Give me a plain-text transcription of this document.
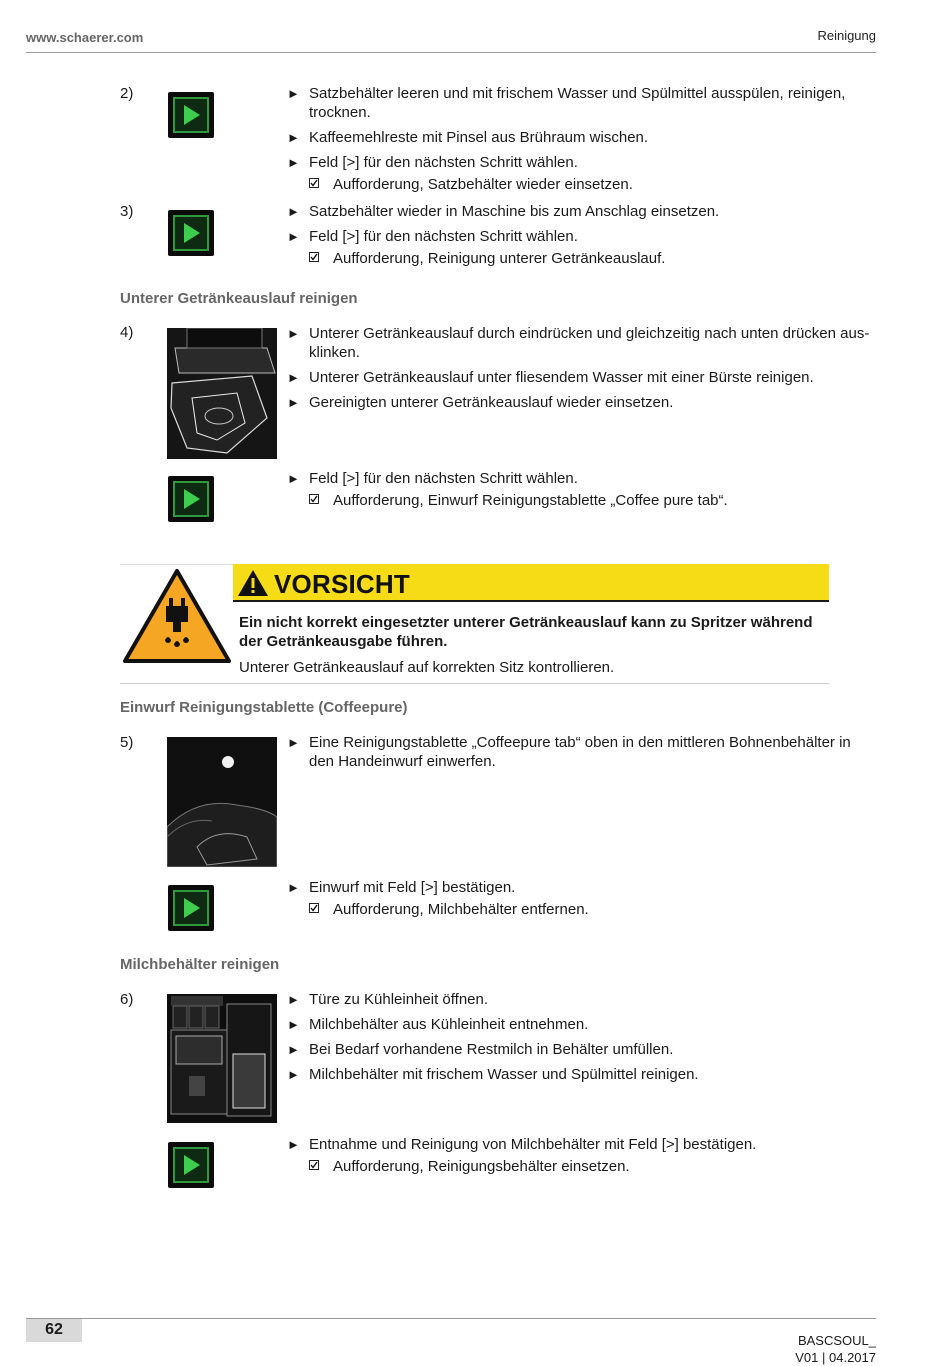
www.schaerer.com	Reinigung
2)	► Satzbehälter leeren und mit frischem Wasser und Spülmittel ausspülen, reinigen, trocknen.
► Kaffeemehlreste mit Pinsel aus Brühraum wischen.
► Feld [>] für den nächsten Schritt wählen.
Aufforderung, Satzbehälter wieder einsetzen.
3)	► Satzbehälter wieder in Maschine bis zum Anschlag einsetzen.
► Feld [>] für den nächsten Schritt wählen.
Aufforderung, Reinigung unterer Getränkeauslauf.
Unterer Getränkeauslauf reinigen
4)	► Unterer Getränkeauslauf durch eindrücken und gleichzeitig nach unten drücken aus-klinken.
► Unterer Getränkeauslauf unter fliesendem Wasser mit einer Bürste reinigen.
► Gereinigten unterer Getränkeauslauf wieder einsetzen.
► Feld [>] für den nächsten Schritt wählen.
Aufforderung, Einwurf Reinigungstablette „Coffee pure tab“.
VORSICHT
Ein nicht korrekt eingesetzter unterer Getränkeauslauf kann zu Spritzer während der Getränkeausgabe führen.
Unterer Getränkeauslauf auf korrekten Sitz kontrollieren.
Einwurf Reinigungstablette (Coffeepure)
5)	► Eine Reinigungstablette „Coffeepure tab“ oben in den mittleren Bohnenbehälter in den Handeinwurf einwerfen.
► Einwurf mit Feld [>] bestätigen.
Aufforderung, Milchbehälter entfernen.
Milchbehälter reinigen
6)	► Türe zu Kühleinheit öffnen.
► Milchbehälter aus Kühleinheit entnehmen.
► Bei Bedarf vorhandene Restmilch in Behälter umfüllen.
► Milchbehälter mit frischem Wasser und Spülmittel reinigen.
► Entnahme und Reinigung von Milchbehälter mit Feld [>] bestätigen.
Aufforderung, Reinigungsbehälter einsetzen.
62
BASCSOUL_
V01 | 04.2017
